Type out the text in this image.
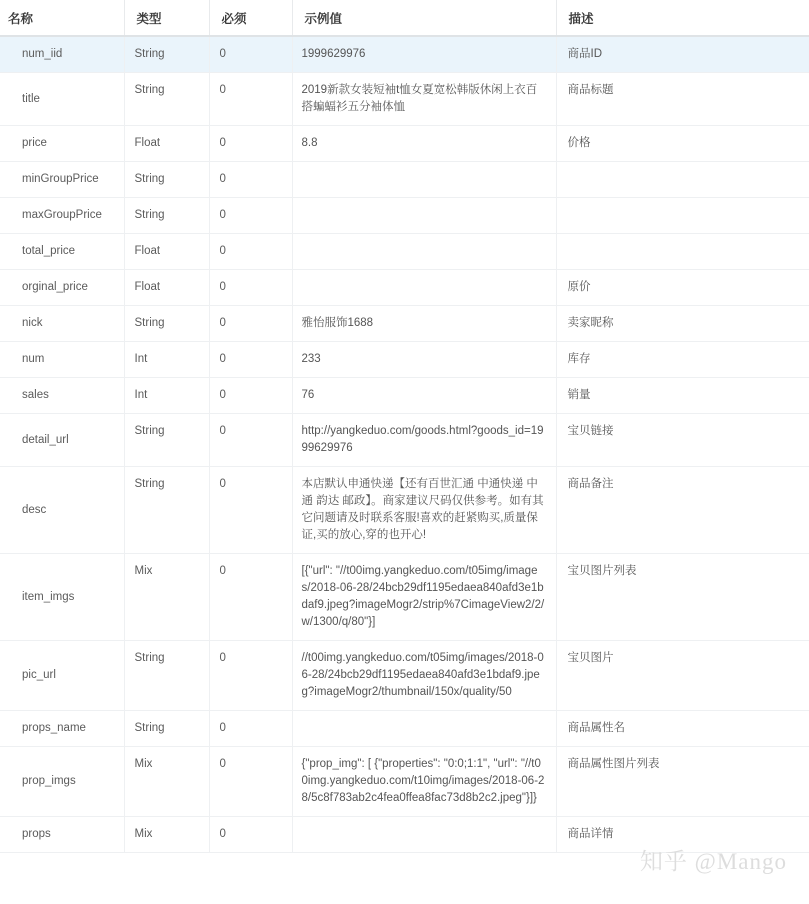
名称	类型	必须	示例值	描述
num_iid	String	0	1999629976	商品ID
title	String	0	2019新款女装短袖t恤女夏宽松韩版休闲上衣百搭蝙蝠衫五分袖体恤	商品标题
price	Float	0	8.8	价格
minGroupPrice	String	0		
maxGroupPrice	String	0		
total_price	Float	0		
orginal_price	Float	0		原价
nick	String	0	雅怡服饰1688	卖家昵称
num	Int	0	233	库存
sales	Int	0	76	销量
detail_url	String	0	http://yangkeduo.com/goods.html?goods_id=1999629976	宝贝链接
desc	String	0	本店默认申通快递【还有百世汇通 中通快递 中通 韵达 邮政】。商家建议尺码仅供参考。如有其它问题请及时联系客服!喜欢的赶紧购买,质量保证,买的放心,穿的也开心!	商品备注
item_imgs	Mix	0	[{"url": "//t00img.yangkeduo.com/t05img/images/2018-06-28/24bcb29df1195edaea840afd3e1bdaf9.jpeg?imageMogr2/strip%7CimageView2/2/w/1300/q/80"}]	宝贝图片列表
pic_url	String	0	//t00img.yangkeduo.com/t05img/images/2018-06-28/24bcb29df1195edaea840afd3e1bdaf9.jpeg?imageMogr2/thumbnail/150x/quality/50	宝贝图片
props_name	String	0		商品属性名
prop_imgs	Mix	0	{"prop_img": [ {"properties": "0:0;1:1", "url": "//t00img.yangkeduo.com/t10img/images/2018-06-28/5c8f783ab2c4fea0ffea8fac73d8b2c2.jpeg"}]}	商品属性图片列表
props	Mix	0		商品详情
知乎 @Mango
